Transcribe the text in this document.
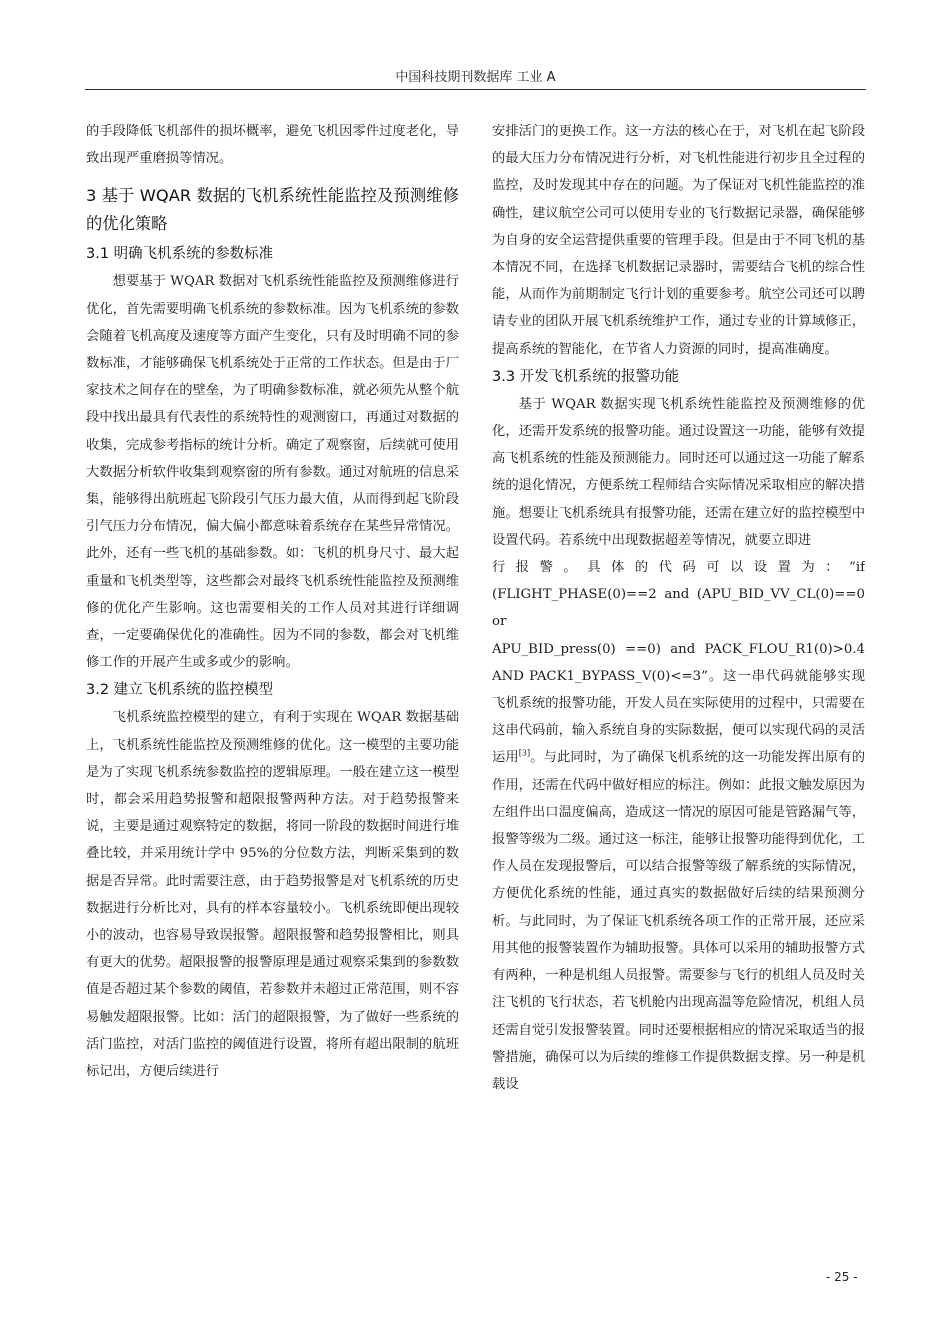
中国科技期刊数据库 工业 A

的手段降低飞机部件的损坏概率，避免飞机因零件过度老化，导致出现严重磨损等情况。

3 基于 WQAR 数据的飞机系统性能监控及预测维修的优化策略
3.1 明确飞机系统的参数标准

想要基于 WQAR 数据对飞机系统性能监控及预测维修进行优化，首先需要明确飞机系统的参数标准。因为飞机系统的参数会随着飞机高度及速度等方面产生变化，只有及时明确不同的参数标准，才能够确保飞机系统处于正常的工作状态。但是由于厂家技术之间存在的壁垒，为了明确参数标准，就必须先从整个航段中找出最具有代表性的系统特性的观测窗口，再通过对数据的收集，完成参考指标的统计分析。确定了观察窗，后续就可使用大数据分析软件收集到观察窗的所有参数。通过对航班的信息采集，能够得出航班起飞阶段引气压力最大值，从而得到起飞阶段引气压力分布情况，偏大偏小都意味着系统存在某些异常情况。此外，还有一些飞机的基础参数。如：飞机的机身尺寸、最大起重量和飞机类型等，这些都会对最终飞机系统性能监控及预测维修的优化产生影响。这也需要相关的工作人员对其进行详细调查，一定要确保优化的准确性。因为不同的参数，都会对飞机维修工作的开展产生或多或少的影响。

3.2 建立飞机系统的监控模型

飞机系统监控模型的建立，有利于实现在 WQAR 数据基础上，飞机系统性能监控及预测维修的优化。这一模型的主要功能是为了实现飞机系统参数监控的逻辑原理。一般在建立这一模型时，都会采用趋势报警和超限报警两种方法。对于趋势报警来说，主要是通过观察特定的数据，将同一阶段的数据时间进行堆叠比较，并采用统计学中 95%的分位数方法，判断采集到的数据是否异常。此时需要注意，由于趋势报警是对飞机系统的历史数据进行分析比对，具有的样本容量较小。飞机系统即便出现较小的波动，也容易导致误报警。超限报警和趋势报警相比，则具有更大的优势。超限报警的报警原理是通过观察采集到的参数数值是否超过某个参数的阈值，若参数并未超过正常范围，则不容易触发超限报警。比如：活门的超限报警，为了做好一些系统的活门监控，对活门监控的阈值进行设置，将所有超出限制的航班标记出，方便后续进行

安排活门的更换工作。这一方法的核心在于，对飞机在起飞阶段的最大压力分布情况进行分析，对飞机性能进行初步且全过程的监控，及时发现其中存在的问题。为了保证对飞机性能监控的准确性，建议航空公司可以使用专业的飞行数据记录器，确保能够为自身的安全运营提供重要的管理手段。但是由于不同飞机的基本情况不同，在选择飞机数据记录器时，需要结合飞机的综合性能，从而作为前期制定飞行计划的重要参考。航空公司还可以聘请专业的团队开展飞机系统维护工作，通过专业的计算域修正，提高系统的智能化，在节省人力资源的同时，提高准确度。

3.3 开发飞机系统的报警功能

基于 WQAR 数据实现飞机系统性能监控及预测维修的优化，还需开发系统的报警功能。通过设置这一功能，能够有效提高飞机系统的性能及预测能力。同时还可以通过这一功能了解系统的退化情况，方便系统工程师结合实际情况采取相应的解决措施。想要让飞机系统具有报警功能，还需在建立好的监控模型中设置代码。若系统中出现数据超差等情况，就要立即进

行报警。具体的代码可以设置为：“if

(FLIGHT_PHASE(0)==2 and (APU_BID_VV_CL(0)==0 or

APU_BID_press(0) ==0) and PACK_FLOU_R1(0)>0.4

AND PACK1_BYPASS_V(0)<=3”。这一串代码就能够实现飞机系统的报警功能，开发人员在实际使用的过程中，只需要在这串代码前，输入系统自身的实际数据，便可以实现代码的灵活运用[3]。与此同时，为了确保飞机系统的这一功能发挥出原有的作用，还需在代码中做好相应的标注。例如：此报文触发原因为左组件出口温度偏高，造成这一情况的原因可能是管路漏气等，报警等级为二级。通过这一标注，能够让报警功能得到优化，工作人员在发现报警后，可以结合报警等级了解系统的实际情况，方便优化系统的性能，通过真实的数据做好后续的结果预测分析。与此同时，为了保证飞机系统各项工作的正常开展，还应采用其他的报警装置作为辅助报警。具体可以采用的辅助报警方式有两种，一种是机组人员报警。需要参与飞行的机组人员及时关注飞机的飞行状态，若飞机舱内出现高温等危险情况，机组人员还需自觉引发报警装置。同时还要根据相应的情况采取适当的报警措施，确保可以为后续的维修工作提供数据支撑。另一种是机载设

- 25 -
